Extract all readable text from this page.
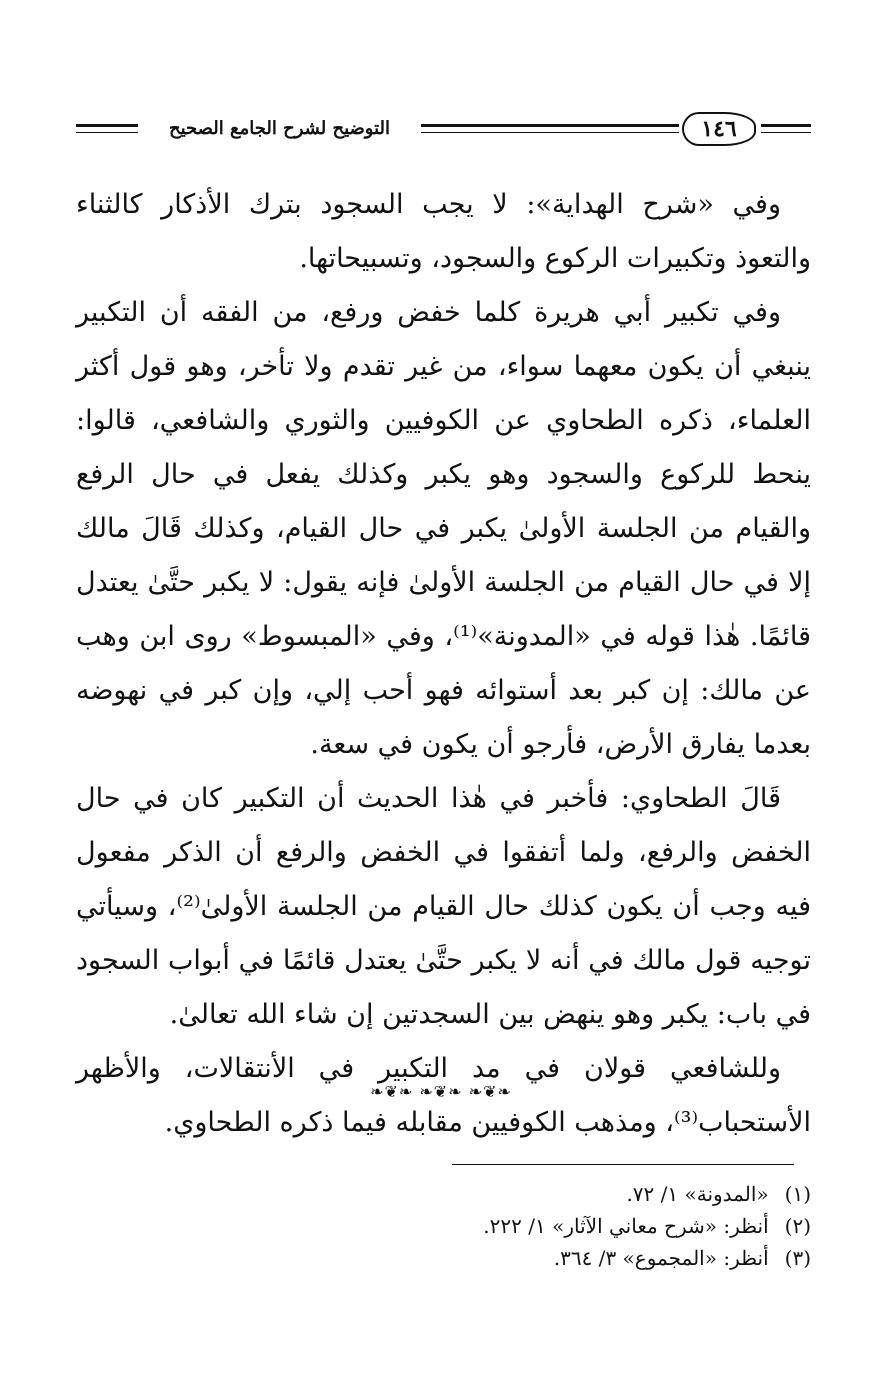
١٤٦
التوضيح لشرح الجامع الصحيح

وفي «شرح الهداية»: لا يجب السجود بترك الأذكار كالثناء والتعوذ وتكبيرات الركوع والسجود، وتسبيحاتها.

وفي تكبير أبي هريرة كلما خفض ورفع، من الفقه أن التكبير ينبغي أن يكون معهما سواء، من غير تقدم ولا تأخر، وهو قول أكثر العلماء، ذكره الطحاوي عن الكوفيين والثوري والشافعي، قالوا: ينحط للركوع والسجود وهو يكبر وكذلك يفعل في حال الرفع والقيام من الجلسة الأولىٰ يكبر في حال القيام، وكذلك قَالَ مالك إلا في حال القيام من الجلسة الأولىٰ فإنه يقول: لا يكبر حتَّىٰ يعتدل قائمًا. هٰذا قوله في «المدونة»⁽¹⁾، وفي «المبسوط» روى ابن وهب عن مالك: إن كبر بعد أستوائه فهو أحب إلي، وإن كبر في نهوضه بعدما يفارق الأرض، فأرجو أن يكون في سعة.

قَالَ الطحاوي: فأخبر في هٰذا الحديث أن التكبير كان في حال الخفض والرفع، ولما أتفقوا في الخفض والرفع أن الذكر مفعول فيه وجب أن يكون كذلك حال القيام من الجلسة الأولىٰ⁽²⁾، وسيأتي توجيه قول مالك في أنه لا يكبر حتَّىٰ يعتدل قائمًا في أبواب السجود في باب: يكبر وهو ينهض بين السجدتين إن شاء الله تعالىٰ.

وللشافعي قولان في مد التكبير في الأنتقالات، والأظهر الأستحباب⁽³⁾، ومذهب الكوفيين مقابله فيما ذكره الطحاوي.

❧❦❧ ❧❦❧ ❧❦❧
(١) «المدونة» ١/ ٧٢.
(٢) أنظر: «شرح معاني الآثار» ١/ ٢٢٢.
(٣) أنظر: «المجموع» ٣/ ٣٦٤.
